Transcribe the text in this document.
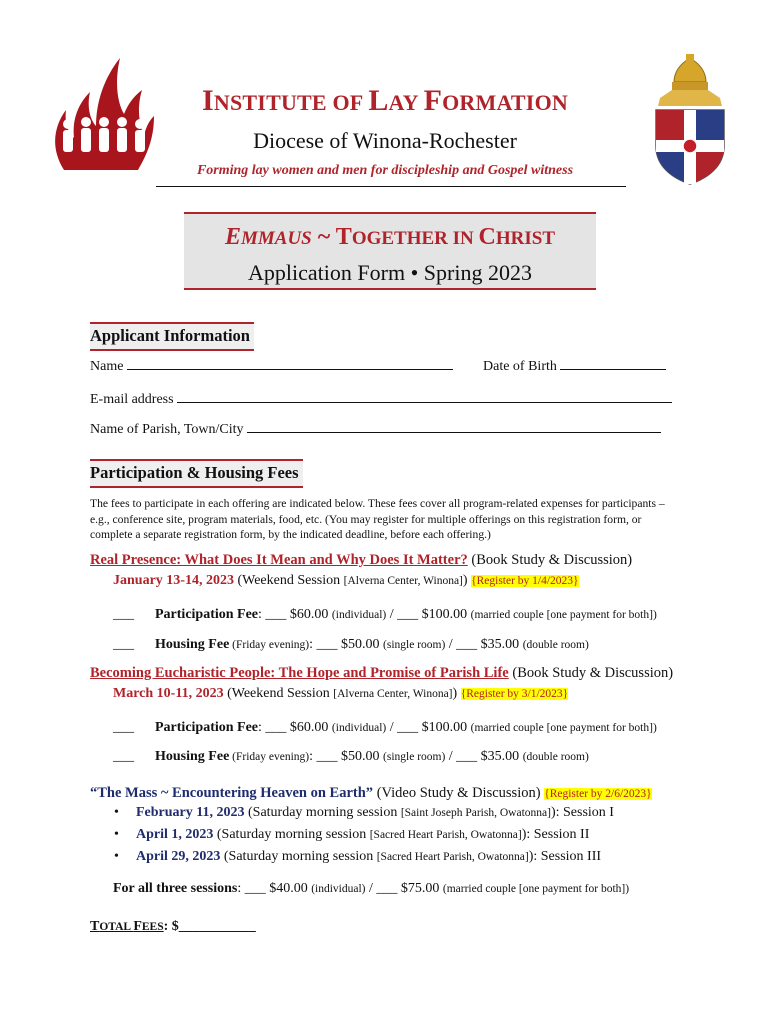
+ + + +
INSTITUTE OF LAY FORMATION
Diocese of Winona-Rochester
Forming lay women and men for discipleship and Gospel witness
EMMAUS ~ TOGETHER IN CHRIST
Application Form • Spring 2023
Applicant Information
Name	Date of Birth
E-mail address
Name of Parish, Town/City
Participation & Housing Fees
The fees to participate in each offering are indicated below. These fees cover all program-related expenses for participants – e.g., conference site, program materials, food, etc. (You may register for multiple offerings on this registration form, or complete a separate registration form, by the indicated deadline, before each offering.)
Real Presence: What Does It Mean and Why Does It Matter? (Book Study & Discussion)
January 13-14, 2023 (Weekend Session [Alverna Center, Winona]) {Register by 1/4/2023}
___      Participation Fee: ___ $60.00 (individual) / ___ $100.00 (married couple [one payment for both])
___      Housing Fee (Friday evening): ___ $50.00 (single room) / ___ $35.00 (double room)
Becoming Eucharistic People: The Hope and Promise of Parish Life (Book Study & Discussion)
March 10-11, 2023 (Weekend Session [Alverna Center, Winona]) {Register by 3/1/2023}
___      Participation Fee: ___ $60.00 (individual) / ___ $100.00 (married couple [one payment for both])
___      Housing Fee (Friday evening): ___ $50.00 (single room) / ___ $35.00 (double room)
“The Mass ~ Encountering Heaven on Earth” (Video Study & Discussion) {Register by 2/6/2023}
• February 11, 2023 (Saturday morning session [Saint Joseph Parish, Owatonna]): Session I
• April 1, 2023 (Saturday morning session [Sacred Heart Parish, Owatonna]): Session II
• April 29, 2023 (Saturday morning session [Sacred Heart Parish, Owatonna]): Session III
For all three sessions: ___ $40.00 (individual) / ___ $75.00 (married couple [one payment for both])
TOTAL FEES: $___________
